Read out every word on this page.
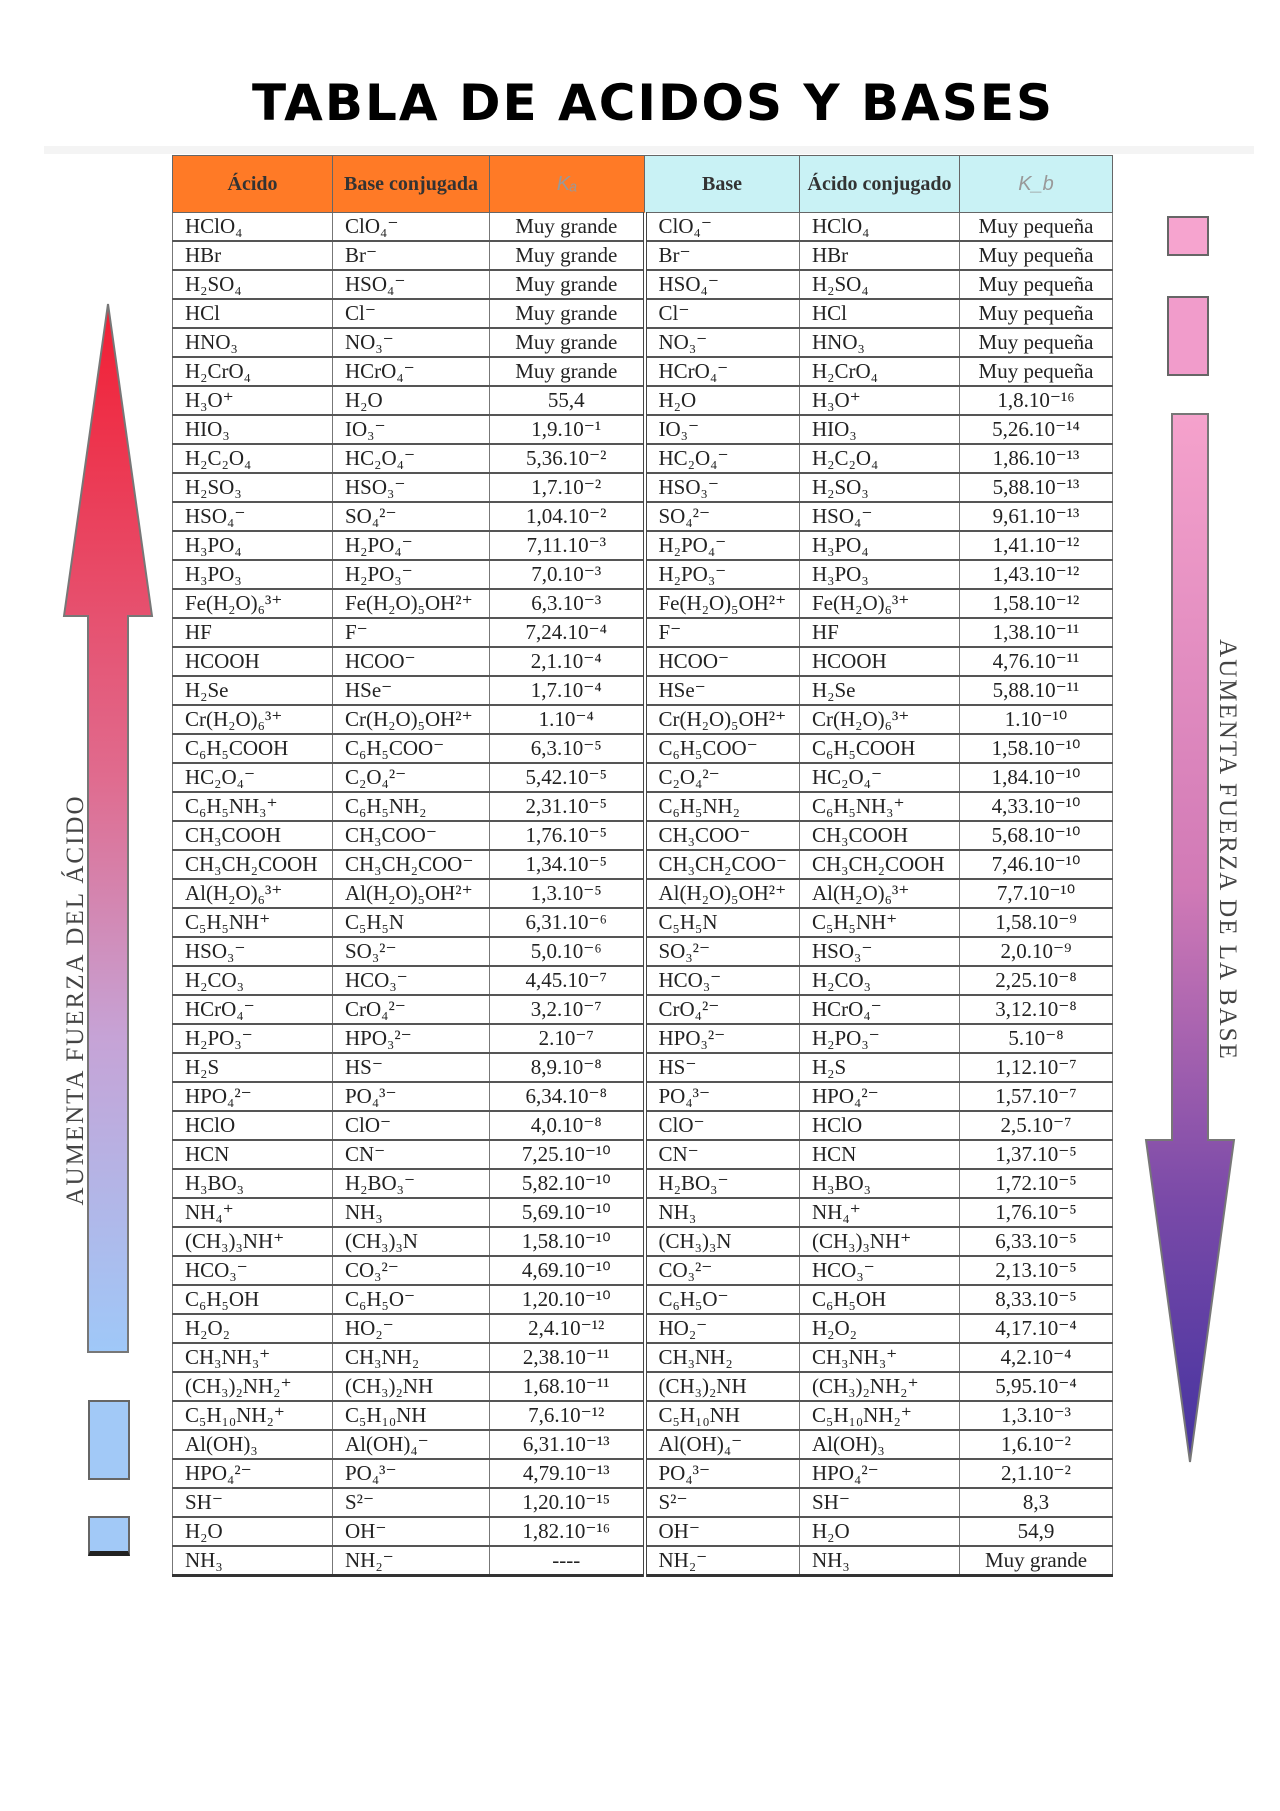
TABLA DE ACIDOS Y BASES
AUMENTA FUERZA DEL ÁCIDO	AUMENTA FUERZA DE LA BASE
Ácido	Base conjugada	Kₐ	Base	Ácido conjugado	K_b
HClO₄	ClO₄⁻	Muy grande	ClO₄⁻	HClO₄	Muy pequeña
HBr	Br⁻	Muy grande	Br⁻	HBr	Muy pequeña
H₂SO₄	HSO₄⁻	Muy grande	HSO₄⁻	H₂SO₄	Muy pequeña
HCl	Cl⁻	Muy grande	Cl⁻	HCl	Muy pequeña
HNO₃	NO₃⁻	Muy grande	NO₃⁻	HNO₃	Muy pequeña
H₂CrO₄	HCrO₄⁻	Muy grande	HCrO₄⁻	H₂CrO₄	Muy pequeña
H₃O⁺	H₂O	55,4	H₂O	H₃O⁺	1,8.10⁻¹⁶
HIO₃	IO₃⁻	1,9.10⁻¹	IO₃⁻	HIO₃	5,26.10⁻¹⁴
H₂C₂O₄	HC₂O₄⁻	5,36.10⁻²	HC₂O₄⁻	H₂C₂O₄	1,86.10⁻¹³
H₂SO₃	HSO₃⁻	1,7.10⁻²	HSO₃⁻	H₂SO₃	5,88.10⁻¹³
HSO₄⁻	SO₄²⁻	1,04.10⁻²	SO₄²⁻	HSO₄⁻	9,61.10⁻¹³
H₃PO₄	H₂PO₄⁻	7,11.10⁻³	H₂PO₄⁻	H₃PO₄	1,41.10⁻¹²
H₃PO₃	H₂PO₃⁻	7,0.10⁻³	H₂PO₃⁻	H₃PO₃	1,43.10⁻¹²
Fe(H₂O)₆³⁺	Fe(H₂O)₅OH²⁺	6,3.10⁻³	Fe(H₂O)₅OH²⁺	Fe(H₂O)₆³⁺	1,58.10⁻¹²
HF	F⁻	7,24.10⁻⁴	F⁻	HF	1,38.10⁻¹¹
HCOOH	HCOO⁻	2,1.10⁻⁴	HCOO⁻	HCOOH	4,76.10⁻¹¹
H₂Se	HSe⁻	1,7.10⁻⁴	HSe⁻	H₂Se	5,88.10⁻¹¹
Cr(H₂O)₆³⁺	Cr(H₂O)₅OH²⁺	1.10⁻⁴	Cr(H₂O)₅OH²⁺	Cr(H₂O)₆³⁺	1.10⁻¹⁰
C₆H₅COOH	C₆H₅COO⁻	6,3.10⁻⁵	C₆H₅COO⁻	C₆H₅COOH	1,58.10⁻¹⁰
HC₂O₄⁻	C₂O₄²⁻	5,42.10⁻⁵	C₂O₄²⁻	HC₂O₄⁻	1,84.10⁻¹⁰
C₆H₅NH₃⁺	C₆H₅NH₂	2,31.10⁻⁵	C₆H₅NH₂	C₆H₅NH₃⁺	4,33.10⁻¹⁰
CH₃COOH	CH₃COO⁻	1,76.10⁻⁵	CH₃COO⁻	CH₃COOH	5,68.10⁻¹⁰
CH₃CH₂COOH	CH₃CH₂COO⁻	1,34.10⁻⁵	CH₃CH₂COO⁻	CH₃CH₂COOH	7,46.10⁻¹⁰
Al(H₂O)₆³⁺	Al(H₂O)₅OH²⁺	1,3.10⁻⁵	Al(H₂O)₅OH²⁺	Al(H₂O)₆³⁺	7,7.10⁻¹⁰
C₅H₅NH⁺	C₅H₅N	6,31.10⁻⁶	C₅H₅N	C₅H₅NH⁺	1,58.10⁻⁹
HSO₃⁻	SO₃²⁻	5,0.10⁻⁶	SO₃²⁻	HSO₃⁻	2,0.10⁻⁹
H₂CO₃	HCO₃⁻	4,45.10⁻⁷	HCO₃⁻	H₂CO₃	2,25.10⁻⁸
HCrO₄⁻	CrO₄²⁻	3,2.10⁻⁷	CrO₄²⁻	HCrO₄⁻	3,12.10⁻⁸
H₂PO₃⁻	HPO₃²⁻	2.10⁻⁷	HPO₃²⁻	H₂PO₃⁻	5.10⁻⁸
H₂S	HS⁻	8,9.10⁻⁸	HS⁻	H₂S	1,12.10⁻⁷
HPO₄²⁻	PO₄³⁻	6,34.10⁻⁸	PO₄³⁻	HPO₄²⁻	1,57.10⁻⁷
HClO	ClO⁻	4,0.10⁻⁸	ClO⁻	HClO	2,5.10⁻⁷
HCN	CN⁻	7,25.10⁻¹⁰	CN⁻	HCN	1,37.10⁻⁵
H₃BO₃	H₂BO₃⁻	5,82.10⁻¹⁰	H₂BO₃⁻	H₃BO₃	1,72.10⁻⁵
NH₄⁺	NH₃	5,69.10⁻¹⁰	NH₃	NH₄⁺	1,76.10⁻⁵
(CH₃)₃NH⁺	(CH₃)₃N	1,58.10⁻¹⁰	(CH₃)₃N	(CH₃)₃NH⁺	6,33.10⁻⁵
HCO₃⁻	CO₃²⁻	4,69.10⁻¹⁰	CO₃²⁻	HCO₃⁻	2,13.10⁻⁵
C₆H₅OH	C₆H₅O⁻	1,20.10⁻¹⁰	C₆H₅O⁻	C₆H₅OH	8,33.10⁻⁵
H₂O₂	HO₂⁻	2,4.10⁻¹²	HO₂⁻	H₂O₂	4,17.10⁻⁴
CH₃NH₃⁺	CH₃NH₂	2,38.10⁻¹¹	CH₃NH₂	CH₃NH₃⁺	4,2.10⁻⁴
(CH₃)₂NH₂⁺	(CH₃)₂NH	1,68.10⁻¹¹	(CH₃)₂NH	(CH₃)₂NH₂⁺	5,95.10⁻⁴
C₅H₁₀NH₂⁺	C₅H₁₀NH	7,6.10⁻¹²	C₅H₁₀NH	C₅H₁₀NH₂⁺	1,3.10⁻³
Al(OH)₃	Al(OH)₄⁻	6,31.10⁻¹³	Al(OH)₄⁻	Al(OH)₃	1,6.10⁻²
HPO₄²⁻	PO₄³⁻	4,79.10⁻¹³	PO₄³⁻	HPO₄²⁻	2,1.10⁻²
SH⁻	S²⁻	1,20.10⁻¹⁵	S²⁻	SH⁻	8,3
H₂O	OH⁻	1,82.10⁻¹⁶	OH⁻	H₂O	54,9
NH₃	NH₂⁻	----	NH₂⁻	NH₃	Muy grande
